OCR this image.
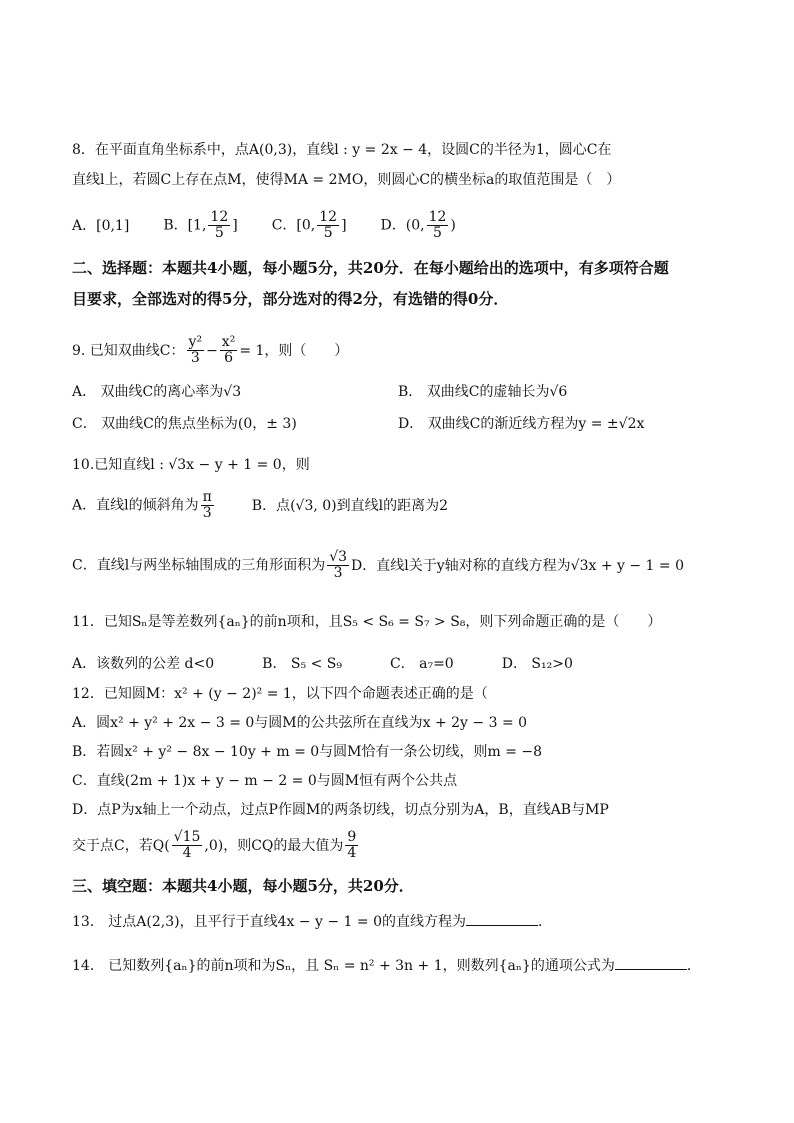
8．在平面直角坐标系中，点A(0,3)，直线l : y = 2x − 4，设圆C的半径为1，圆心C在
直线l上，若圆C上存在点M，使得MA = 2MO，则圆心C的横坐标a的取值范围是（　）
A．[0,1] B．[1, $\frac{12}{5}$ ] C．[0, $\frac{12}{5}$ ] D．(0, $\frac{12}{5}$ )
二、选择题：本题共4小题，每小题5分，共20分．在每小题给出的选项中，有多项符合题
目要求，全部选对的得5分，部分选对的得2分，有选错的得0分．
9. 已知双曲线C： $\frac{\text{y²}}{3} - \frac{\text{x²}}{6} = 1$，则（　　）
A． 双曲线C的离心率为√3	B． 双曲线C的虚轴长为√6
C． 双曲线C的焦点坐标为(0，± 3)	D． 双曲线C的渐近线方程为y = ±√2x
10.已知直线l : √3x − y + 1 = 0，则
A．直线l的倾斜角为 $\frac{\pi}{3}$	B．点(√3, 0)到直线l的距离为2
C．直线l与两坐标轴围成的三角形面积为 $\frac{√3}{3}$ D．直线l关于y轴对称的直线方程为√3x + y − 1 = 0
11．已知Sₙ是等差数列{aₙ}的前n项和，且S₅ < S₆ = S₇ > S₈，则下列命题正确的是（　　）
A．该数列的公差 d<0	B． S₅ < S₉	C． a₇=0	D． S₁₂>0
12．已知圆M：x² + (y − 2)² = 1，以下四个命题表述正确的是（
A．圆x² + y² + 2x − 3 = 0与圆M的公共弦所在直线为x + 2y − 3 = 0
B．若圆x² + y² − 8x − 10y + m = 0与圆M恰有一条公切线，则m = −8
C．直线(2m + 1)x + y − m − 2 = 0与圆M恒有两个公共点
D．点P为x轴上一个动点，过点P作圆M的两条切线，切点分别为A，B，直线AB与MP
交于点C，若$Q( \frac{√15}{4} ,0)$，则CQ的最大值为 $\frac{9}{4}$
三、填空题：本题共4小题，每小题5分，共20分．
13． 过点A(2,3)，且平行于直线4x − y − 1 = 0的直线方程为	．
14． 已知数列{aₙ}的前n项和为Sₙ，且 Sₙ = n² + 3n + 1，则数列{aₙ}的通项公式为	．
